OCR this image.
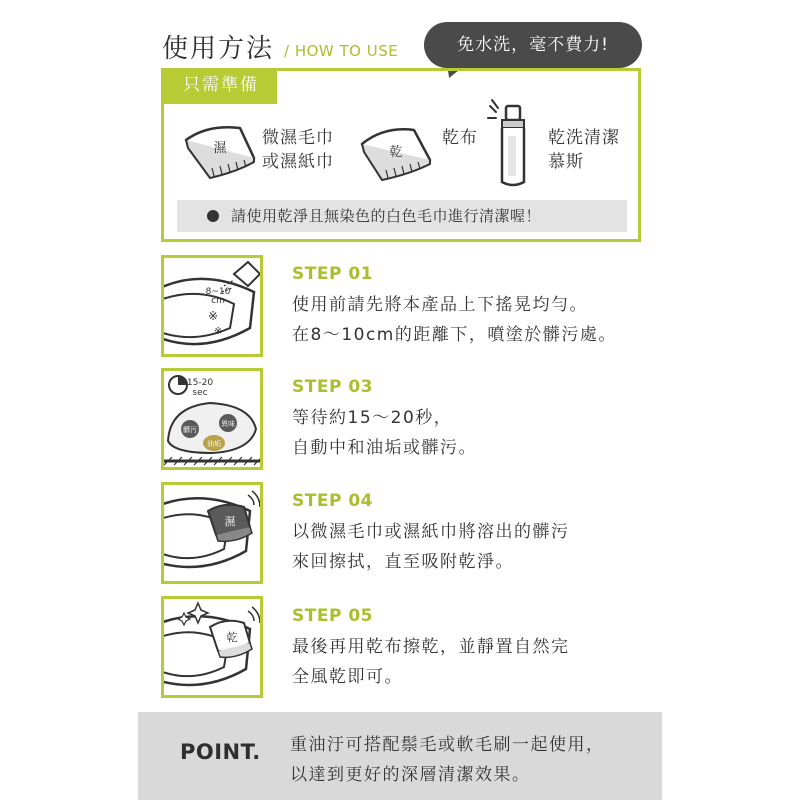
使用方法 / HOW TO USE	免水洗，毫不費力!
只需準備
濕
微濕毛巾
或濕紙巾	乾
乾布	乾洗清潔
慕斯
請使用乾淨且無染色的白色毛巾進行清潔喔！
8~10
cm
※
※
STEP 01
使用前請先將本產品上下搖晃均勻。
在8～10cm的距離下，噴塗於髒污處。
15-20
sec
髒污
異味
油垢
STEP 03
等待約15～20秒，
自動中和油垢或髒污。
濕
STEP 04
以微濕毛巾或濕紙巾將溶出的髒污
來回擦拭，直至吸附乾淨。
乾
STEP 05
最後再用乾布擦乾，並靜置自然完
全風乾即可。
POINT. 重油汙可搭配鬃毛或軟毛刷一起使用，
以達到更好的深層清潔效果。
